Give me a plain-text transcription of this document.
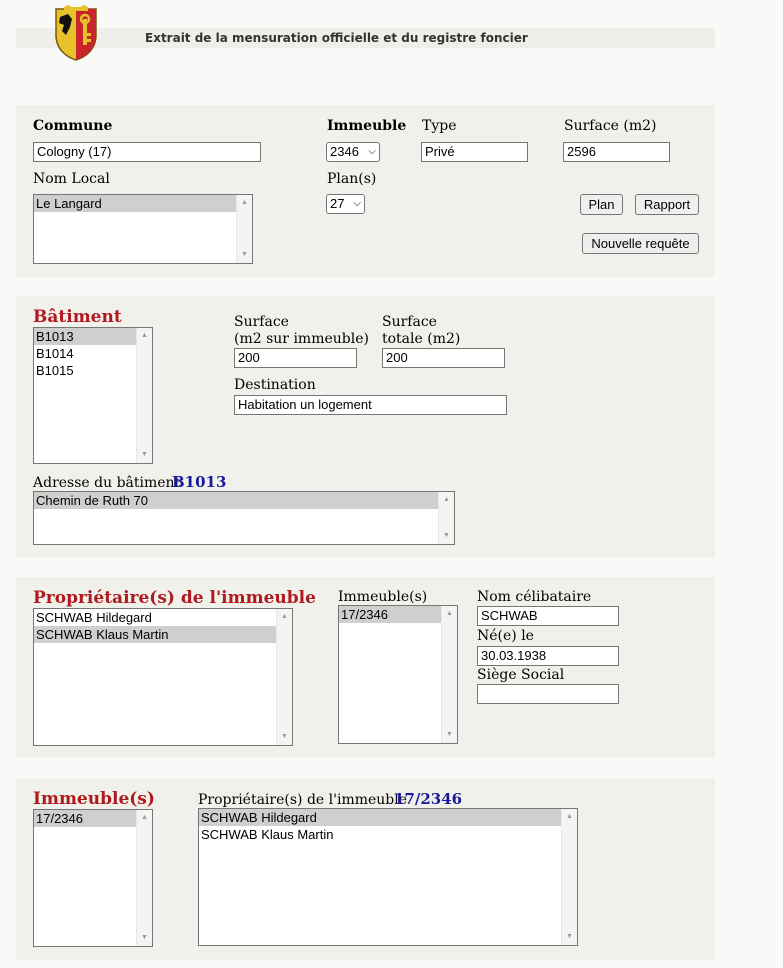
Extrait de la mensuration officielle et du registre foncier
Commune
Cologny (17)
Immeuble
2346 ⌵
Type
Privé
Surface (m2)
2596
Nom Local
Le Langard	▲
▼
Plan(s)
27 ⌵	Plan	Rapport
Nouvelle requête
Bâtiment
B1013
B1014
B1015
▲
▼
Surface
(m2 sur immeuble)
200
Surface
totale (m2)
200
Destination
Habitation un logement
Adresse du bâtiment
B1013
Chemin de Ruth 70	▲
▼
Propriétaire(s) de l'immeuble
SCHWAB Hildegard
SCHWAB Klaus Martin
▲
▼
Immeuble(s)
17/2346	▲
▼
Nom célibataire
SCHWAB
Né(e) le
30.03.1938
Siège Social
Immeuble(s)
17/2346	▲
▼
Propriétaire(s) de l'immeuble
17/2346
SCHWAB Hildegard
SCHWAB Klaus Martin
▲
▼
